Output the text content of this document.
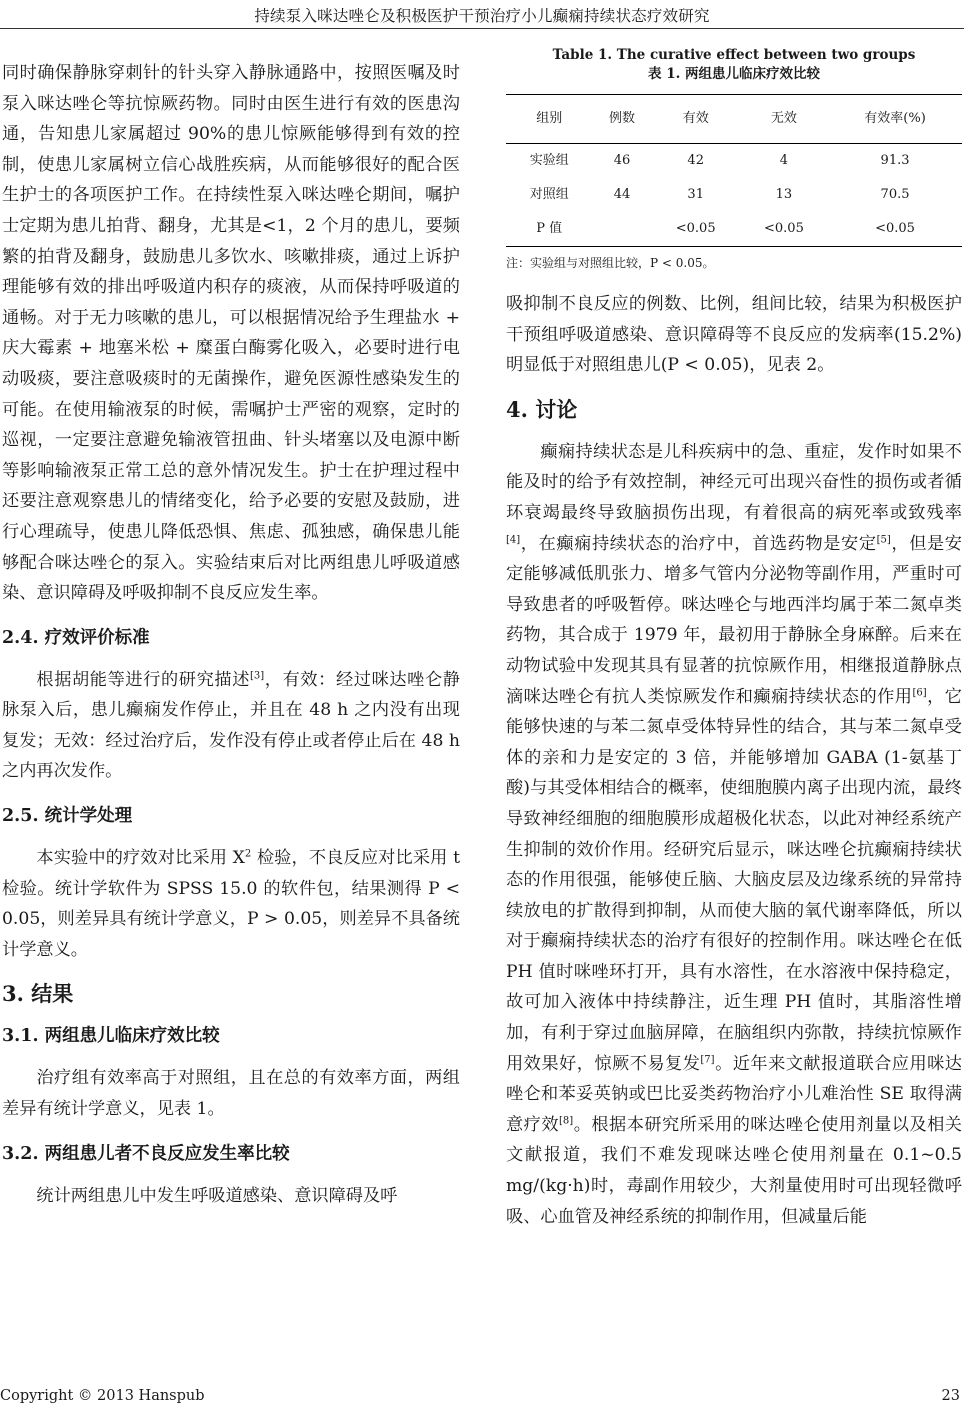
持续泵入咪达唑仑及积极医护干预治疗小儿癫痫持续状态疗效研究

同时确保静脉穿刺针的针头穿入静脉通路中，按照医嘱及时泵入咪达唑仑等抗惊厥药物。同时由医生进行有效的医患沟通，告知患儿家属超过 90%的患儿惊厥能够得到有效的控制，使患儿家属树立信心战胜疾病，从而能够很好的配合医生护士的各项医护工作。在持续性泵入咪达唑仑期间，嘱护士定期为患儿拍背、翻身，尤其是<1，2 个月的患儿，要频繁的拍背及翻身，鼓励患儿多饮水、咳嗽排痰，通过上诉护理能够有效的排出呼吸道内积存的痰液，从而保持呼吸道的通畅。对于无力咳嗽的患儿，可以根据情况给予生理盐水 + 庆大霉素 + 地塞米松 + 糜蛋白酶雾化吸入，必要时进行电动吸痰，要注意吸痰时的无菌操作，避免医源性感染发生的可能。在使用输液泵的时候，需嘱护士严密的观察，定时的巡视，一定要注意避免输液管扭曲、针头堵塞以及电源中断等影响输液泵正常工总的意外情况发生。护士在护理过程中还要注意观察患儿的情绪变化，给予必要的安慰及鼓励，进行心理疏导，使患儿降低恐惧、焦虑、孤独感，确保患儿能够配合咪达唑仑的泵入。实验结束后对比两组患儿呼吸道感染、意识障碍及呼吸抑制不良反应发生率。

2.4. 疗效评价标准

根据胡能等进行的研究描述[3]，有效：经过咪达唑仑静脉泵入后，患儿癫痫发作停止，并且在 48 h 之内没有出现复发；无效：经过治疗后，发作没有停止或者停止后在 48 h 之内再次发作。

2.5. 统计学处理

本实验中的疗效对比采用 $X^2$ 检验，不良反应对比采用 t 检验。统计学软件为 SPSS 15.0 的软件包，结果测得 P < 0.05，则差异具有统计学意义，P > 0.05，则差异不具备统计学意义。

3. 结果
3.1. 两组患儿临床疗效比较

治疗组有效率高于对照组，且在总的有效率方面，两组差异有统计学意义，见表 1。

3.2. 两组患儿者不良反应发生率比较

统计两组患儿中发生呼吸道感染、意识障碍及呼

Table 1. The curative effect between two groups
表 1. 两组患儿临床疗效比较
组别	例数	有效	无效	有效率(%)
实验组	46	42	4	91.3
对照组	44	31	13	70.5
P 值		<0.05	<0.05	<0.05
注：实验组与对照组比较，P < 0.05。

吸抑制不良反应的例数、比例，组间比较，结果为积极医护干预组呼吸道感染、意识障碍等不良反应的发病率(15.2%)明显低于对照组患儿(P < 0.05)，见表 2。

4. 讨论

癫痫持续状态是儿科疾病中的急、重症，发作时如果不能及时的给予有效控制，神经元可出现兴奋性的损伤或者循环衰竭最终导致脑损伤出现，有着很高的病死率或致残率[4]，在癫痫持续状态的治疗中，首选药物是安定[5]，但是安定能够减低肌张力、增多气管内分泌物等副作用，严重时可导致患者的呼吸暂停。咪达唑仑与地西泮均属于苯二氮卓类药物，其合成于 1979 年，最初用于静脉全身麻醉。后来在动物试验中发现其具有显著的抗惊厥作用，相继报道静脉点滴咪达唑仑有抗人类惊厥发作和癫痫持续状态的作用[6]，它能够快速的与苯二氮卓受体特异性的结合，其与苯二氮卓受体的亲和力是安定的 3 倍，并能够增加 GABA (1-氨基丁酸)与其受体相结合的概率，使细胞膜内离子出现内流，最终导致神经细胞的细胞膜形成超极化状态，以此对神经系统产生抑制的效价作用。经研究后显示，咪达唑仑抗癫痫持续状态的作用很强，能够使丘脑、大脑皮层及边缘系统的异常持续放电的扩散得到抑制，从而使大脑的氧代谢率降低，所以对于癫痫持续状态的治疗有很好的控制作用。咪达唑仑在低 PH 值时咪唑环打开，具有水溶性，在水溶液中保持稳定，故可加入液体中持续静注，近生理 PH 值时，其脂溶性增加，有利于穿过血脑屏障，在脑组织内弥散，持续抗惊厥作用效果好，惊厥不易复发[7]。近年来文献报道联合应用咪达唑仑和苯妥英钠或巴比妥类药物治疗小儿难治性 SE 取得满意疗效[8]。根据本研究所采用的咪达唑仑使用剂量以及相关文献报道，我们不难发现咪达唑仑使用剂量在 0.1~0.5 mg/(kg·h)时，毒副作用较少，大剂量使用时可出现轻微呼吸、心血管及神经系统的抑制作用，但减量后能

Copyright © 2013 Hanspub	23
